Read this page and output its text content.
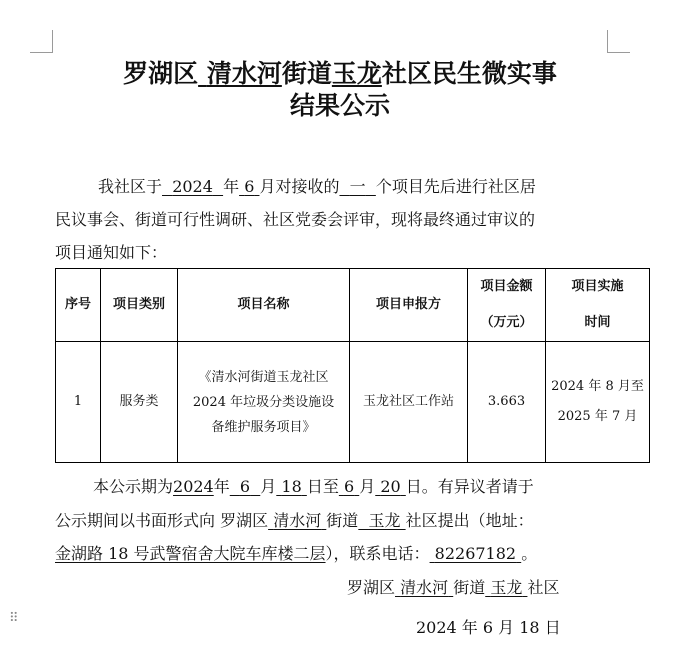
⠿
罗湖区 清水河街道玉龙社区民生微实事
结果公示
我社区于 2024 年 6 月对接收的 一 个项目先后进行社区居
民议事会、街道可行性调研、社区党委会评审，现将最终通过审议的
项目通知如下：
序号	项目类别	项目名称	项目申报方	项目金额
（万元）	项目实施
时间
1	服务类	《清水河街道玉龙社区
2024 年垃圾分类设施设
备维护服务项目》	玉龙社区工作站	3.663	2024 年 8 月至
2025 年 7 月
本公示期为2024年 6 月 18 日至 6 月 20 日。有异议者请于
公示期间以书面形式向 罗湖区 清水河 街道 玉龙 社区提出（地址：
金湖路 18 号武警宿舍大院车库楼二层），联系电话： 82267182 。
罗湖区 清水河 街道 玉龙 社区
2024 年 6 月 18 日
